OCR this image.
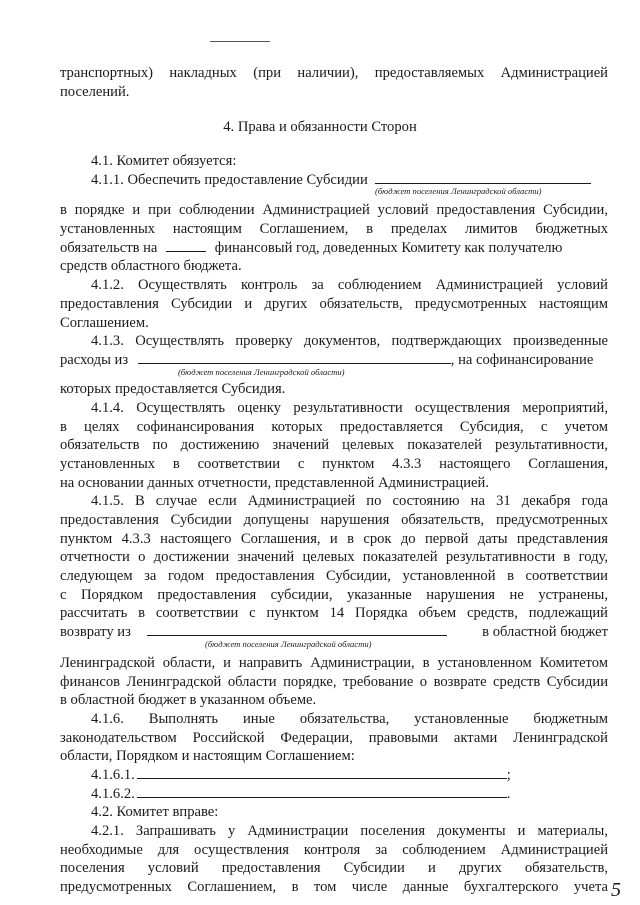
транспортных) накладных (при наличии), предоставляемых Администрацией
поселений.
4. Права и обязанности Сторон
4.1. Комитет обязуется:
4.1.1. Обеспечить предоставление Субсидии
(бюджет поселения Ленинградской области)
в порядке и при соблюдении Администрацией условий предоставления Субсидии,
установленных настоящим Соглашением, в пределах лимитов бюджетных
обязательств на	финансовый год, доведенных Комитету как получателю
средств областного бюджета.
4.1.2. Осуществлять контроль за соблюдением Администрацией условий
предоставления Субсидии и других обязательств, предусмотренных настоящим
Соглашением.
4.1.3. Осуществлять проверку документов, подтверждающих произведенные
расходы из	, на софинансирование
(бюджет поселения Ленинградской области)
которых предоставляется Субсидия.
4.1.4. Осуществлять оценку результативности осуществления мероприятий,
в целях софинансирования которых предоставляется Субсидия, с учетом
обязательств по достижению значений целевых показателей результативности,
установленных в соответствии с пунктом 4.3.3 настоящего Соглашения,
на основании данных отчетности, представленной Администрацией.
4.1.5. В случае если Администрацией по состоянию на 31 декабря года
предоставления Субсидии допущены нарушения обязательств, предусмотренных
пунктом 4.3.3 настоящего Соглашения, и в срок до первой даты представления
отчетности о достижении значений целевых показателей результативности в году,
следующем за годом предоставления Субсидии, установленной в соответствии
с Порядком предоставления субсидии, указанные нарушения не устранены,
рассчитать в соответствии с пунктом 14 Порядка объем средств, подлежащий
возврату из	в областной бюджет
(бюджет поселения Ленинградской области)
Ленинградской области, и направить Администрации, в установленном Комитетом
финансов Ленинградской области порядке, требование о возврате средств Субсидии
в областной бюджет в указанном объеме.
4.1.6. Выполнять иные обязательства, установленные бюджетным
законодательством Российской Федерации, правовыми актами Ленинградской
области, Порядком и настоящим Соглашением:
4.1.6.1.	;
4.1.6.2.	.
4.2. Комитет вправе:
4.2.1. Запрашивать у Администрации поселения документы и материалы,
необходимые для осуществления контроля за соблюдением Администрацией
поселения условий предоставления Субсидии и других обязательств,
предусмотренных Соглашением, в том числе данные бухгалтерского учета 5
